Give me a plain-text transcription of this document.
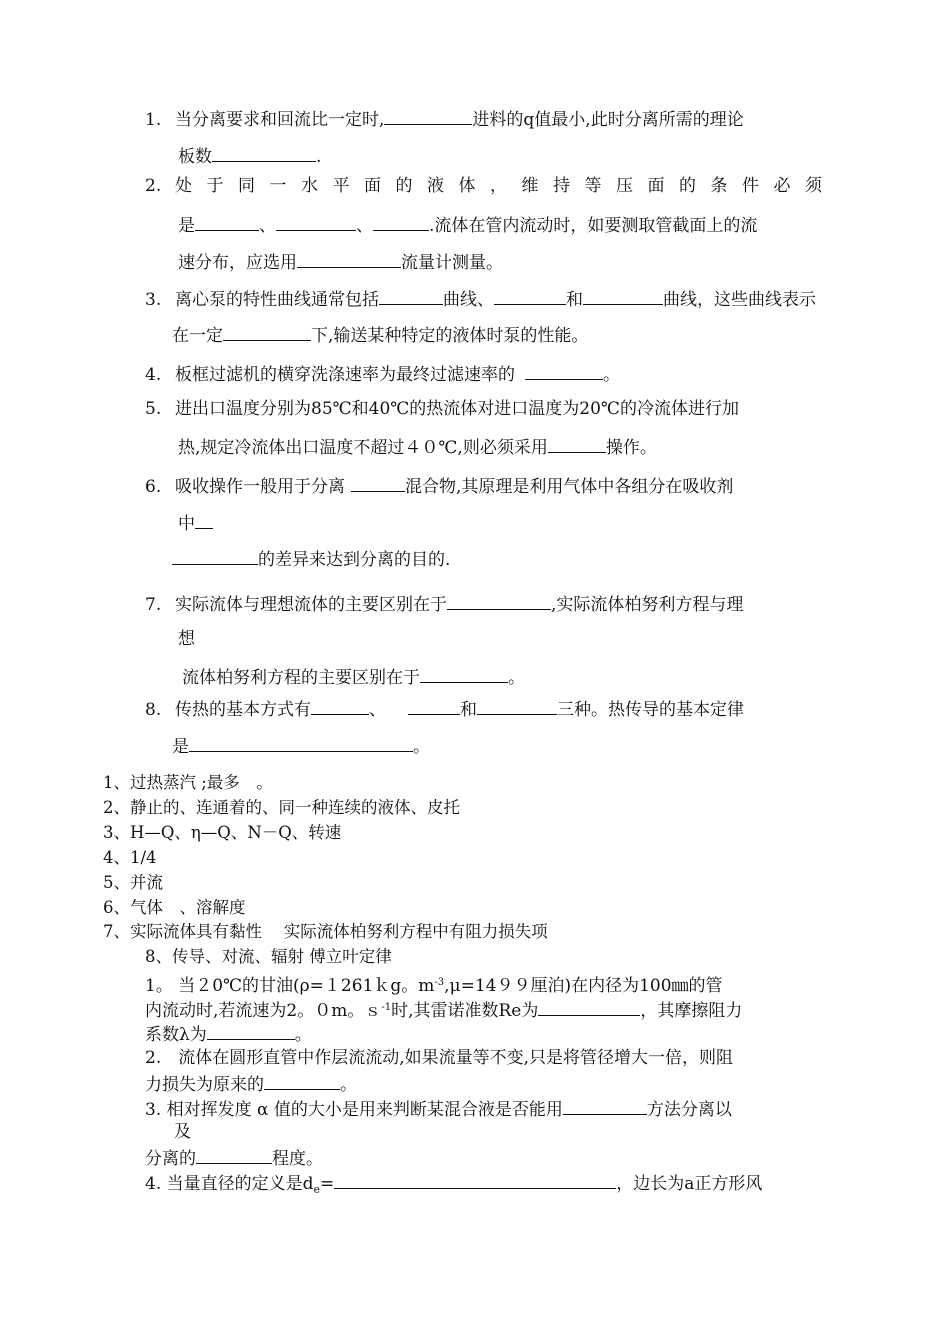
1. 当分离要求和回流比一定时,	进料的q值最小,此时分离所需的理论
板数	.
2. 处于同一水平面的液体，维持等压面的条件必须
是	、	、	.流体在管内流动时，如要测取管截面上的流
速分布，应选用	流量计测量。
3. 离心泵的特性曲线通常包括	曲线、	和	曲线，这些曲线表示
在一定	下,输送某种特定的液体时泵的性能。
4. 板框过滤机的横穿洗涤速率为最终过滤速率的	。
5. 进出口温度分别为85℃和40℃的热流体对进口温度为20℃的冷流体进行加
热,规定冷流体出口温度不超过４０℃,则必须采用	操作。
6. 吸收操作一般用于分离	混合物,其原理是利用气体中各组分在吸收剂
中
的差异来达到分离的目的.
7. 实际流体与理想流体的主要区别在于	,实际流体柏努利方程与理
想
流体柏努利方程的主要区别在于	。
8. 传热的基本方式有	、	和	三种。热传导的基本定律
是	。
1、过热蒸汽 ;最多　。
2、静止的、连通着的、同一种连续的液体、皮托
3、H—Q、η—Q、N－Q、转速
4、1/4
5、并流
6、气体　、溶解度
7、实际流体具有黏性　 实际流体柏努利方程中有阻力损失项
8、传导、对流、辐射 傅立叶定律
1。 当２0℃的甘油(ρ=１261ｋg。$m^{-3},\mu=1499$厘泊)在内径为100㎜的管
内流动时,若流速为2。０m。ｓ$^{-1}$时,其雷诺准数Re为	，其摩擦阻力
系数λ为	。
2.　流体在圆形直管中作层流流动,如果流量等不变,只是将管径增大一倍，则阻
力损失为原来的	。
3. 相对挥发度 α 值的大小是用来判断某混合液是否能用	方法分离以
及
分离的	程度。
4. 当量直径的定义是$d_e=$	，边长为a正方形风
